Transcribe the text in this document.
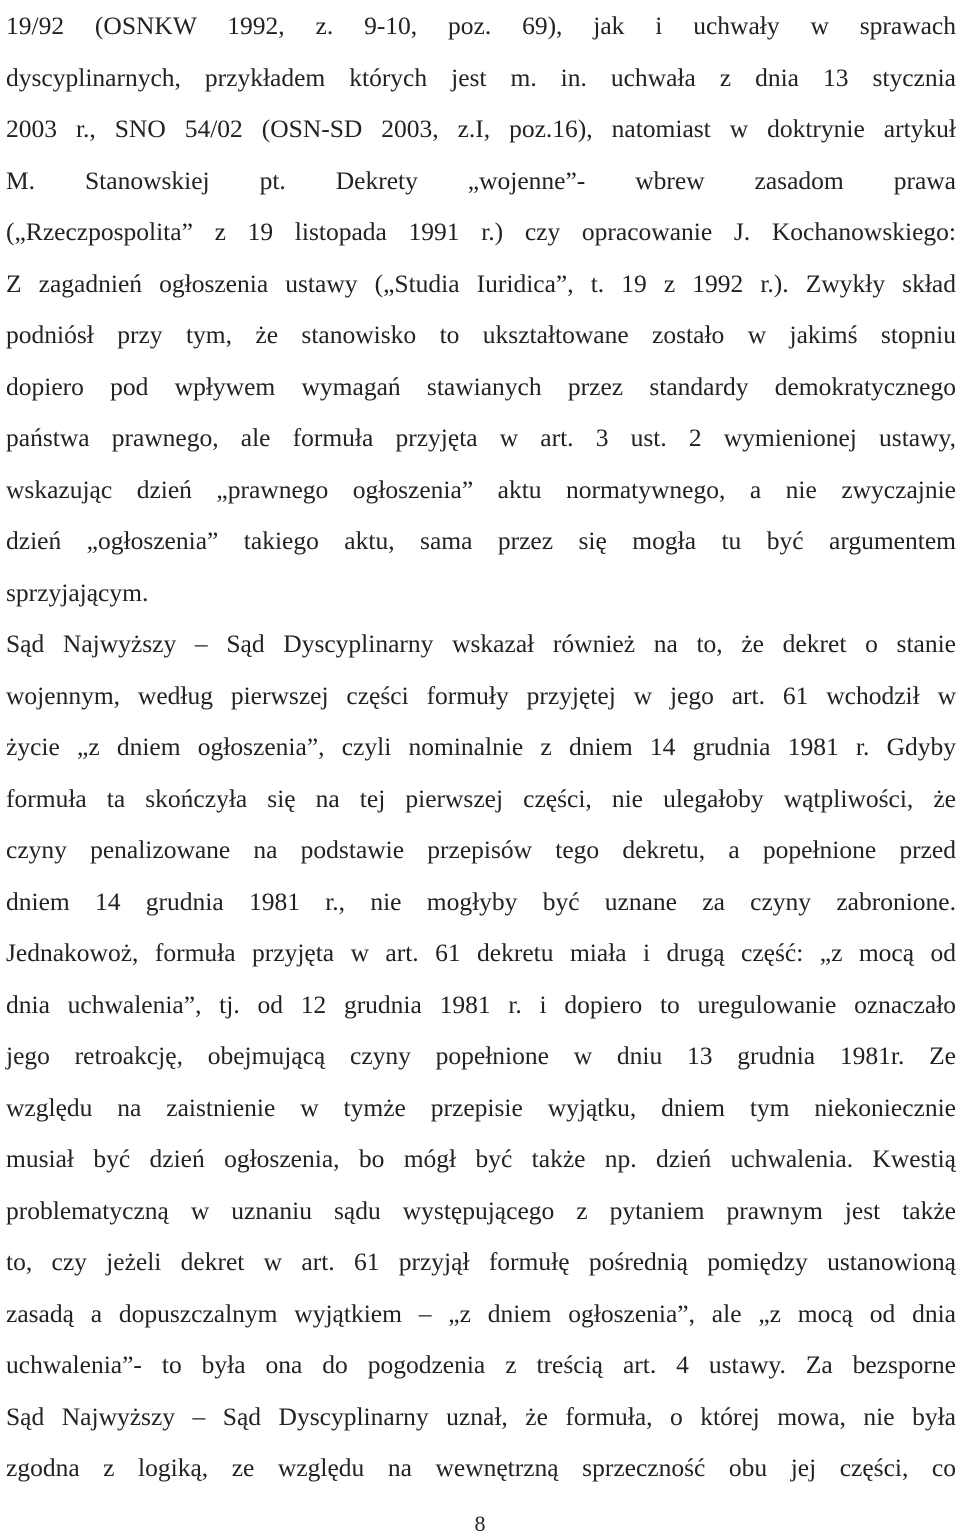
19/92 (OSNKW 1992, z. 9-10, poz. 69), jak i uchwały w sprawach
dyscyplinarnych, przykładem których jest m. in. uchwała z dnia 13 stycznia
2003 r., SNO 54/02 (OSN-SD 2003, z.I, poz.16), natomiast w doktrynie artykuł
M. Stanowskiej pt. Dekrety „wojenne”- wbrew zasadom prawa
(„Rzeczpospolita” z 19 listopada 1991 r.) czy opracowanie J. Kochanowskiego:
Z zagadnień ogłoszenia ustawy („Studia Iuridica”, t. 19 z 1992 r.). Zwykły skład
podniósł przy tym, że stanowisko to ukształtowane zostało w jakimś stopniu
dopiero pod wpływem wymagań stawianych przez standardy demokratycznego
państwa prawnego, ale formuła przyjęta w art. 3 ust. 2 wymienionej ustawy,
wskazując dzień „prawnego ogłoszenia” aktu normatywnego, a nie zwyczajnie
dzień „ogłoszenia” takiego aktu, sama przez się mogła tu być argumentem
sprzyjającym.
Sąd Najwyższy – Sąd Dyscyplinarny wskazał również na to, że dekret o stanie
wojennym, według pierwszej części formuły przyjętej w jego art. 61 wchodził w
życie „z dniem ogłoszenia”, czyli nominalnie z dniem 14 grudnia 1981 r. Gdyby
formuła ta skończyła się na tej pierwszej części, nie ulegałoby wątpliwości, że
czyny penalizowane na podstawie przepisów tego dekretu, a popełnione przed
dniem 14 grudnia 1981 r., nie mogłyby być uznane za czyny zabronione.
Jednakowoż, formuła przyjęta w art. 61 dekretu miała i drugą część: „z mocą od
dnia uchwalenia”, tj. od 12 grudnia 1981 r. i dopiero to uregulowanie oznaczało
jego retroakcję, obejmującą czyny popełnione w dniu 13 grudnia 1981r. Ze
względu na zaistnienie w tymże przepisie wyjątku, dniem tym niekoniecznie
musiał być dzień ogłoszenia, bo mógł być także np. dzień uchwalenia. Kwestią
problematyczną w uznaniu sądu występującego z pytaniem prawnym jest także
to, czy jeżeli dekret w art. 61 przyjął formułę pośrednią pomiędzy ustanowioną
zasadą a dopuszczalnym wyjątkiem – „z dniem ogłoszenia”, ale „z mocą od dnia
uchwalenia”- to była ona do pogodzenia z treścią art. 4 ustawy. Za bezsporne
Sąd Najwyższy – Sąd Dyscyplinarny uznał, że formuła, o której mowa, nie była
zgodna z logiką, ze względu na wewnętrzną sprzeczność obu jej części, co
8
